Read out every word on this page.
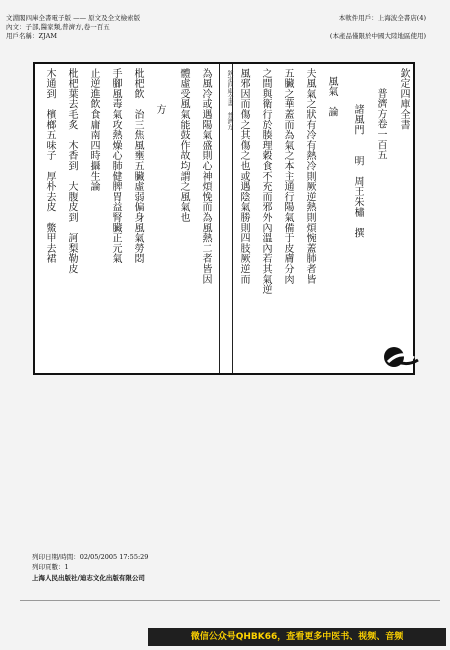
文淵閣四庫全書電子版 —— 原文及全文檢索版
內文：子部,醫家類,普濟方,卷一百五
用戶名稱：ZJAM
本軟件用戶：上海波全書店(4)
(本產品僅限於中國大陸地區使用)
欽定四庫全書
普濟方卷一百五
諸風門　　明　周王朱橚　撰
風氣　論
夫風氣之狀有冷有熱冷則厥逆熱則煩惋蓋肺者皆
五臟之華蓋而為氣之本主通行陽氣備于皮膚分肉
之間與衛行於腠理穀食不充而邪外內溫內若其氣逆
風邪因而傷之其傷之也或遇陰氣勝則四肢厥逆而
欽定四庫全書　普濟方
為風冷或遇陽氣盛則心神煩悗而為風熱二者皆因
體虛受風氣能鼓作故均謂之風氣也
方
枇杷飲　治三焦風壅五臟虛弱偏身風氣勞悶
手腳風毒氣攻熱燥心肺健脾胃益腎臟正元氣
止逆進飲食庸南四時攝生論
枇杷葉去毛炙　木香到　大腹皮到　訶梨勒皮
木通到　檳榔五味子　厚朴去皮　鱉甲去裙
列印日期/時間：02/05/2005 17:55:29
列印頁數：1
上海人民出版社/迪志文化出版有限公司
微信公众号QHBK66，查看更多中医书、视频、音频
